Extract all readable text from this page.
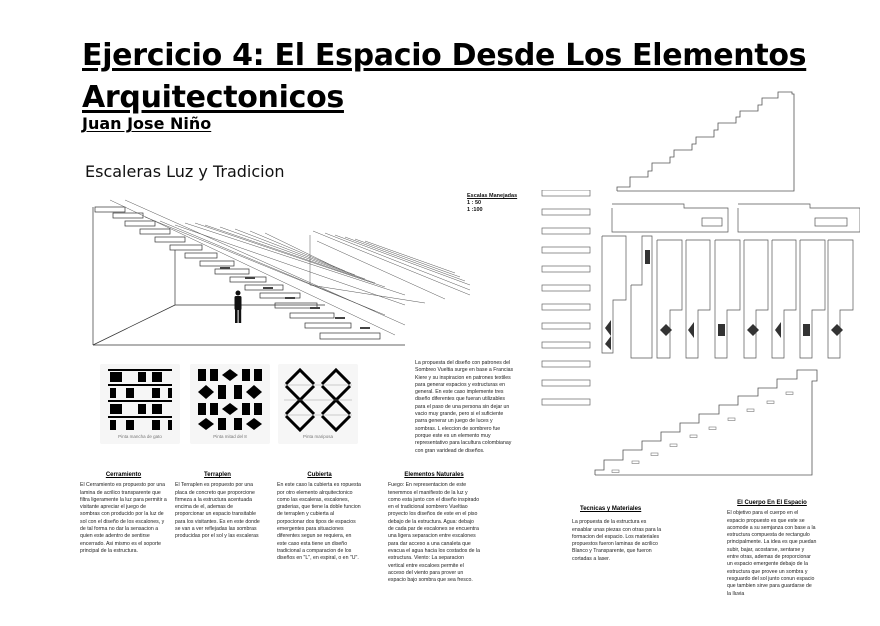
Ejercicio 4: El Espacio Desde Los Elementos
Arquitectonicos
Juan Jose Niño
Escaleras Luz y Tradicion
Escalas Manejadas
1 : 50
1 :100
La propuesta del diseño con patrones del Sombreo Vueltia surge en base a Francias Kiere y su inspiracion en patrones textiles para generar espacios y estructuras en general. En este caso implemente tres diseño diferentes que fueran utilizables para el paso de una persona sin dejar un vacio muy grande, pero si el suficiente parra generar un juego de luces y sombras. L eleccion de sombrero fue porque este es un elemento muy representativo para lacultura colombianay con gran varidead de diseños.
Pinta mancha de gato	Pinta mitad del 8	Pinta mariposa
Cerramiento

El Cerramiento es propuesto por una lamina de acrilico transparente que filtra ligeramente la luz para permitir a visitante apreciar el juego de sombras con producido por la luz de sol con el diseño de los escalones, y de tal forma no dar la sensacion a quien este adentro de sentirse encerrado. Asi mismo es el soporte principal de la estructura.

Terraplen

El Terraplen es propuesto por una placa de concreto que proporcione firmeza a la estructura acentuada encima de el, ademas de proporcionar un espacio transitable para los visitantes. Es en este donde se van a ver reflejadas las sombras producidas por el sol y las escaleras

Cubierta

En este caso la cubierta es ropuesta por otro elemento alrquitectonico como las escaleras, escalones, graderias, que tiene la doble funcion de terraplen y cubierta al porpocionar dos tipos de espacios emergentes para situaciones diferentes segun se requiera, en este caso esta tiene un diseño tradicional a comparacion de los diseños en "L", en espiral, o en "U".

Elementos Naturales

Fuego: En representacion de este tenemmos el manifiesto de la luz y como esta junto con el diseño inspirado en el tradicional sombrero Vueltiao proyecto los diseños de este en el piso debajo de la estructura. Agua: debajo de cada par de escalones se encuentra una ligera separacion entre escalones para dar acceso a una canaleta que evacua el agua hacia los costados de la estructura. Viento: La separacion vertical entre escaloes permite el acceso del viento para prover un espacio bajo sombra que sea fresco.

Tecnicas y Materiales

La propuesta de la estructura es ensablar unas piezas con otras para la formacion del espacio. Los materiales propuestos fueron laminas de acrilico Blanco y Transparente, que fueron cortadas a laser.

El Cuerpo En El Espacio

El objetivo para el cuerpo en el espacio propuesto es que este se acomode a su semjanza con base a la estructura compuesta de rectangulo principalmente. La idea es que puedan subir, bajar, acostarse, sentarse y entre otras, ademas de proporcionar un espacio emergente debajo de la estructura que provee un sombra y resguardo del sol junto conun espacio que tambien sirve para guardarse de la lluvia
